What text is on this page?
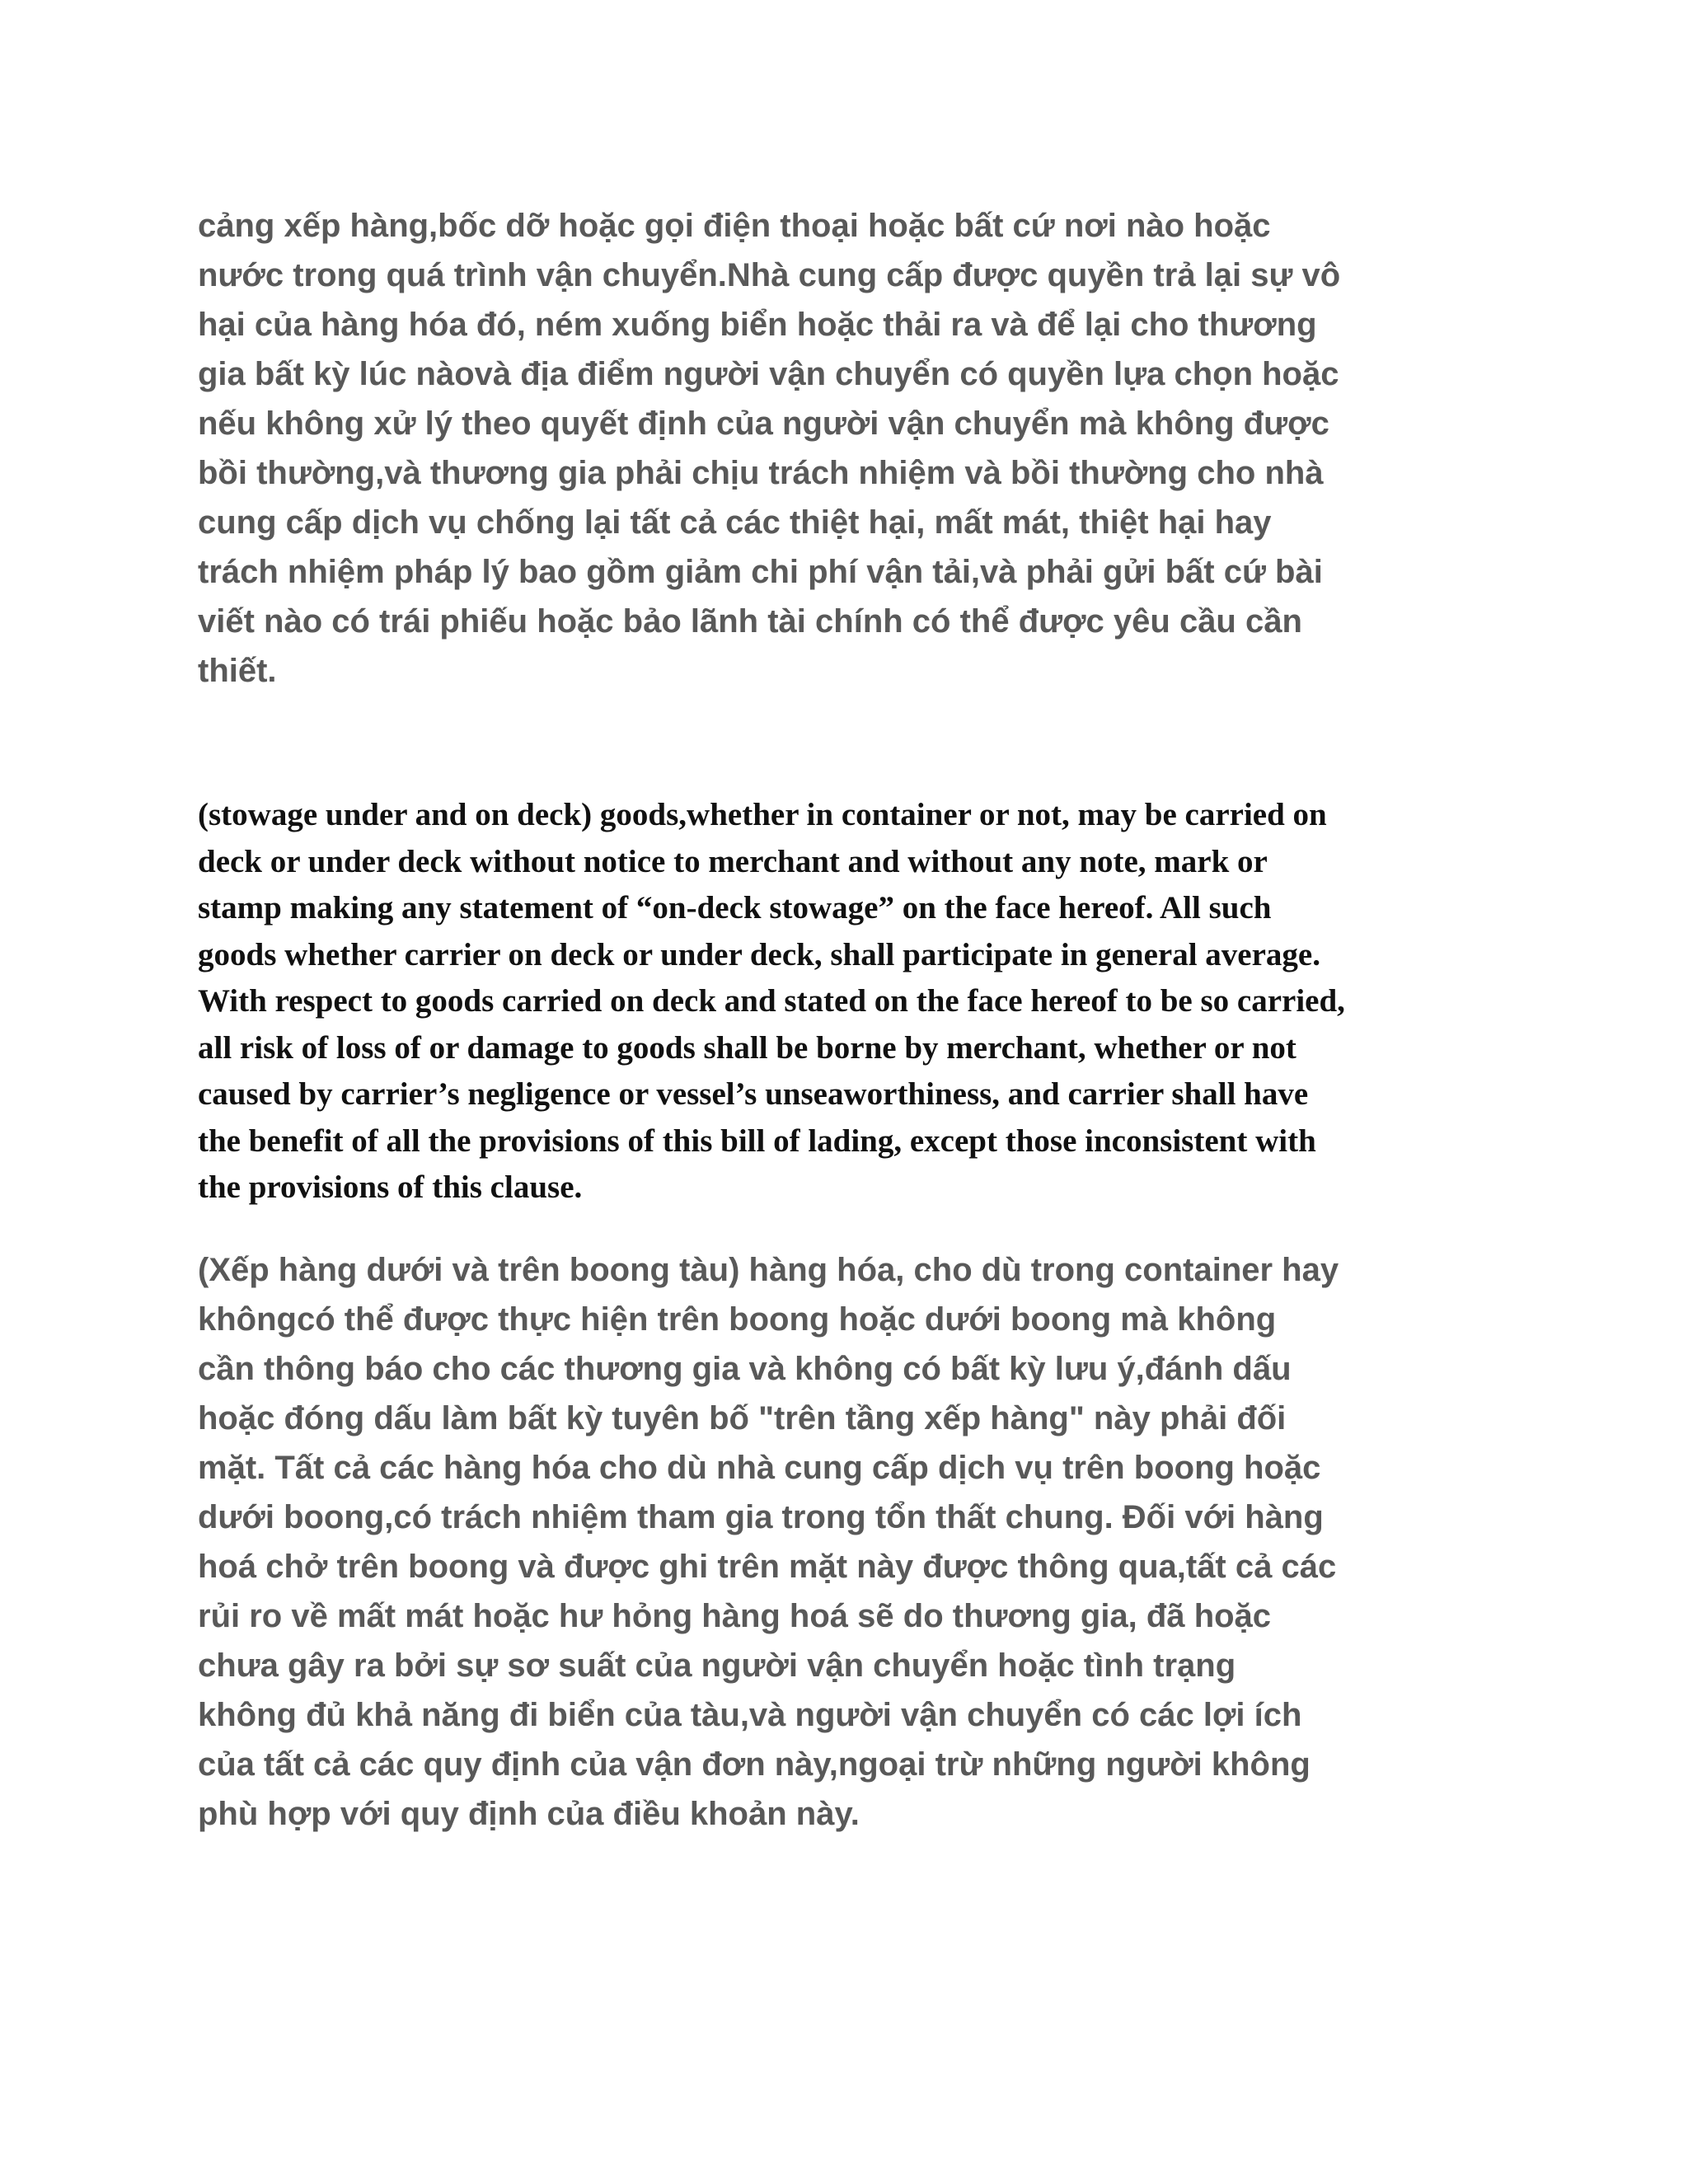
cảng xếp hàng,bốc dỡ hoặc gọi điện thoại hoặc bất cứ nơi nào hoặc
nước trong quá trình vận chuyển.Nhà cung cấp được quyền trả lại sự vô
hại của hàng hóa đó, ném xuống biển hoặc thải ra và để lại cho thương
gia bất kỳ lúc nàovà địa điểm người vận chuyển có quyền lựa chọn hoặc
nếu không xử lý theo quyết định của người vận chuyển mà không được
bồi thường,và thương gia phải chịu trách nhiệm và bồi thường cho nhà
cung cấp dịch vụ chống lại tất cả các thiệt hại, mất mát, thiệt hại hay
trách nhiệm pháp lý bao gồm giảm chi phí vận tải,và phải gửi bất cứ bài
viết nào có trái phiếu hoặc bảo lãnh tài chính có thể được yêu cầu cần
thiết.

(stowage under and on deck) goods,whether in container or not, may be carried on
deck or under deck without notice to merchant and without any note, mark or
stamp making any statement of “on-deck stowage” on the face hereof. All such
goods whether carrier on deck or under deck, shall participate in general average.
With respect to goods carried on deck and stated on the face hereof to be so carried,
all risk of loss of or damage to goods shall be borne by merchant, whether or not
caused by carrier’s negligence or vessel’s unseaworthiness, and carrier shall have
the benefit of all the provisions of this bill of lading, except those inconsistent with
the provisions of this clause.

(Xếp hàng dưới và trên boong tàu) hàng hóa, cho dù trong container hay
khôngcó thể được thực hiện trên boong hoặc dưới boong mà không
cần thông báo cho các thương gia và không có bất kỳ lưu ý,đánh dấu
hoặc đóng dấu làm bất kỳ tuyên bố "trên tầng xếp hàng" này phải đối
mặt. Tất cả các hàng hóa cho dù nhà cung cấp dịch vụ trên boong hoặc
dưới boong,có trách nhiệm tham gia trong tổn thất chung. Đối với hàng
hoá chở trên boong và được ghi trên mặt này được thông qua,tất cả các
rủi ro về mất mát hoặc hư hỏng hàng hoá sẽ do thương gia, đã hoặc
chưa gây ra bởi sự sơ suất của người vận chuyển hoặc tình trạng
không đủ khả năng đi biển của tàu,và người vận chuyển có các lợi ích
của tất cả các quy định của vận đơn này,ngoại trừ những người không
phù hợp với quy định của điều khoản này.
